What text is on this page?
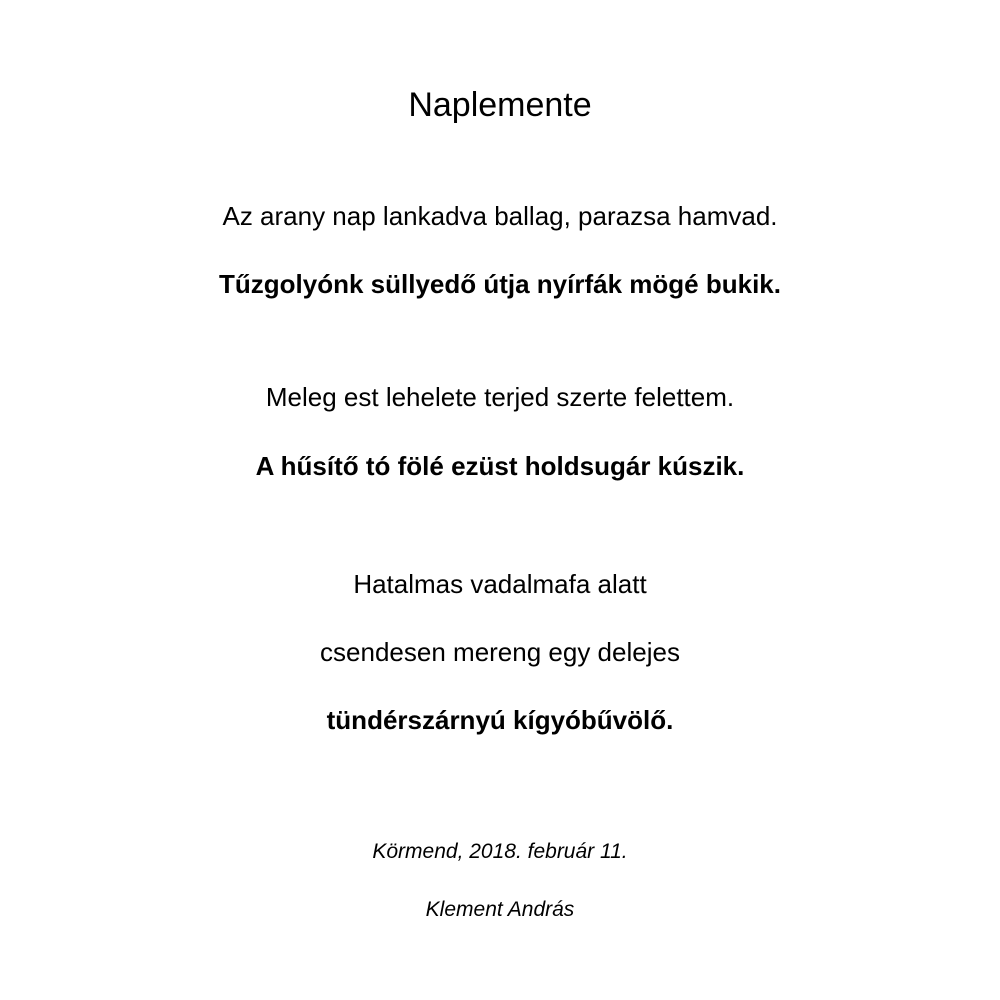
Naplemente
Az arany nap lankadva ballag, parazsa hamvad.
Tűzgolyónk süllyedő útja nyírfák mögé bukik.
Meleg est lehelete terjed szerte felettem.
A hűsítő tó fölé ezüst holdsugár kúszik.
Hatalmas vadalmafa alatt
csendesen mereng egy delejes
tündérszárnyú kígyóbűvölő.
Körmend, 2018. február 11.
Klement András
